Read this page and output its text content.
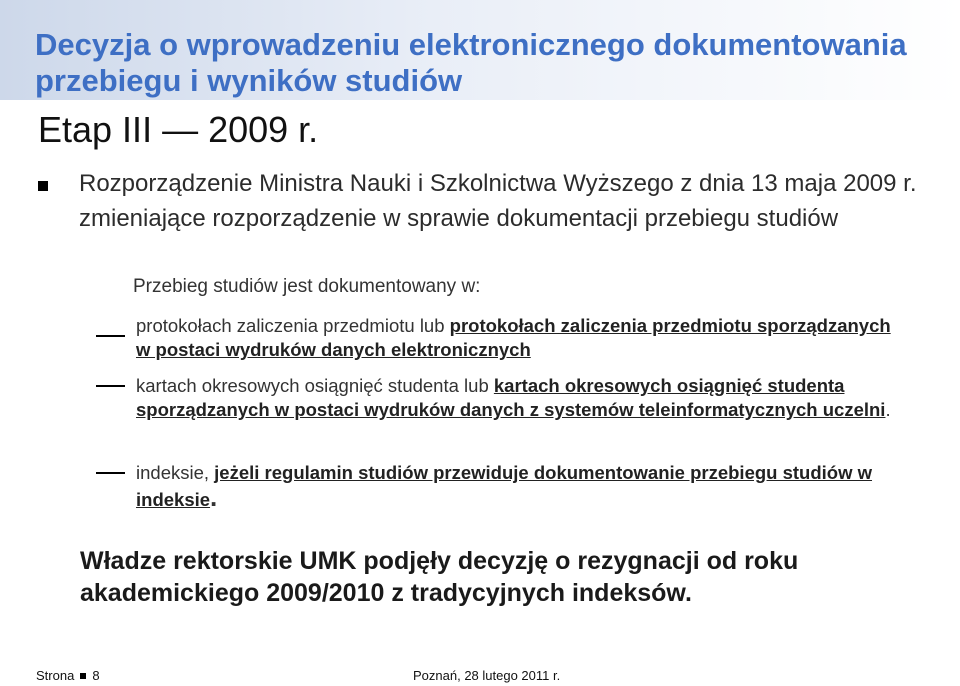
Decyzja o wprowadzeniu elektronicznego dokumentowania przebiegu i wyników studiów
Etap III — 2009 r.

Rozporządzenie Ministra Nauki i Szkolnictwa Wyższego z dnia 13 maja 2009 r. zmieniające rozporządzenie w sprawie dokumentacji przebiegu studiów

Przebieg studiów jest dokumentowany w:

protokołach zaliczenia przedmiotu lub protokołach zaliczenia przedmiotu sporządzanych w postaci wydruków danych elektronicznych

kartach okresowych osiągnięć studenta lub kartach okresowych osiągnięć studenta sporządzanych w postaci wydruków danych z systemów teleinformatycznych uczelni.

indeksie, jeżeli regulamin studiów przewiduje dokumentowanie przebiegu studiów w indeksie.

Władze rektorskie UMK podjęły decyzję o rezygnacji od roku akademickiego 2009/2010 z tradycyjnych indeksów.

Strona 8	Poznań, 28 lutego 2011 r.
